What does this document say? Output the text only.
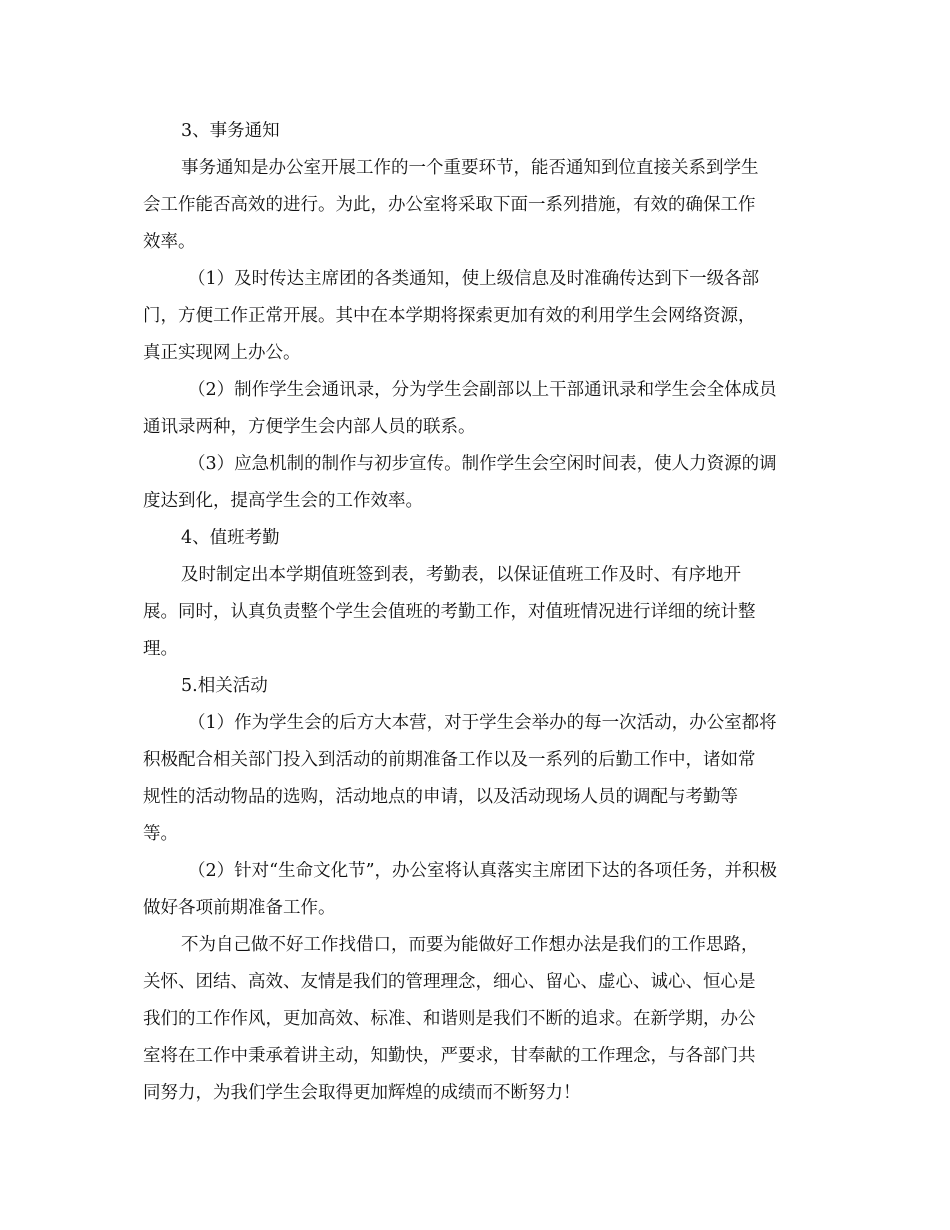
3、事务通知
事务通知是办公室开展工作的一个重要环节，能否通知到位直接关系到学生
会工作能否高效的进行。为此，办公室将采取下面一系列措施，有效的确保工作
效率。
（1）及时传达主席团的各类通知，使上级信息及时准确传达到下一级各部
门，方便工作正常开展。其中在本学期将探索更加有效的利用学生会网络资源，
真正实现网上办公。
（2）制作学生会通讯录，分为学生会副部以上干部通讯录和学生会全体成员
通讯录两种，方便学生会内部人员的联系。
（3）应急机制的制作与初步宣传。制作学生会空闲时间表，使人力资源的调
度达到化，提高学生会的工作效率。
4、值班考勤
及时制定出本学期值班签到表，考勤表，以保证值班工作及时、有序地开
展。同时，认真负责整个学生会值班的考勤工作，对值班情况进行详细的统计整
理。
5.相关活动
（1）作为学生会的后方大本营，对于学生会举办的每一次活动，办公室都将
积极配合相关部门投入到活动的前期准备工作以及一系列的后勤工作中，诸如常
规性的活动物品的选购，活动地点的申请，以及活动现场人员的调配与考勤等
等。
（2）针对“生命文化节”，办公室将认真落实主席团下达的各项任务，并积极
做好各项前期准备工作。
不为自己做不好工作找借口，而要为能做好工作想办法是我们的工作思路，
关怀、团结、高效、友情是我们的管理理念，细心、留心、虚心、诚心、恒心是
我们的工作作风，更加高效、标准、和谐则是我们不断的追求。在新学期，办公
室将在工作中秉承着讲主动，知勤快，严要求，甘奉献的工作理念，与各部门共
同努力，为我们学生会取得更加辉煌的成绩而不断努力！
